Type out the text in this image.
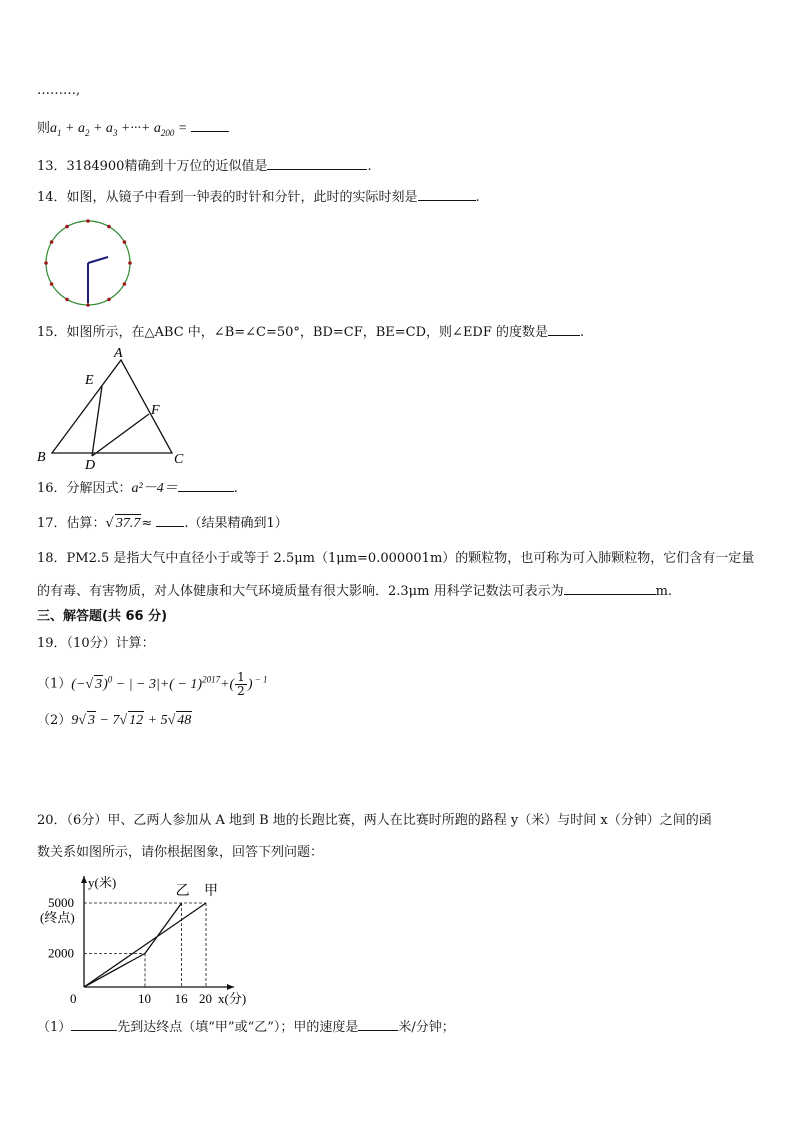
………,
则$a_1 + a_2 + a_3$ +···+ $a_{200}$ =
13．3184900精确到十万位的近似值是	.
14．如图，从镜子中看到一钟表的时针和分针，此时的实际时刻是	.
15．如图所示，在△ABC 中，∠B=∠C=50°，BD=CF，BE=CD，则∠EDF 的度数是 .
A
E
F
B
D	C
16．分解因式：a²－4＝	.
17．估算：√ 37.7≈ .（结果精确到1）
18．PM2.5 是指大气中直径小于或等于 2.5μm（1μm=0.000001m）的颗粒物，也可称为可入肺颗粒物，它们含有一定量
的有毒、有害物质，对人体健康和大气环境质量有很大影响．2.3μm 用科学记数法可表示为	m.
三、解答题(共 66 分)
19．（10分）计算：
（1）(−√ 3)$^0$ − | − $3|+( - 1)^{2017}+( \frac{1}{2}$ ) $^{- 1}$
（2）9√ 3 − 7√ 12 + 5√ 48
20．（6分）甲、乙两人参加从 A 地到 B 地的长跑比赛，两人在比赛时所跑的路程 y（米）与时间 x（分钟）之间的函
数关系如图所示，请你根据图象，回答下列问题：
乙 甲
2000
5000
(终点)
0	10 16 20
y(米)
x(分)
（1）	先到达终点（填“甲”或“乙”）；甲的速度是	米/分钟；
